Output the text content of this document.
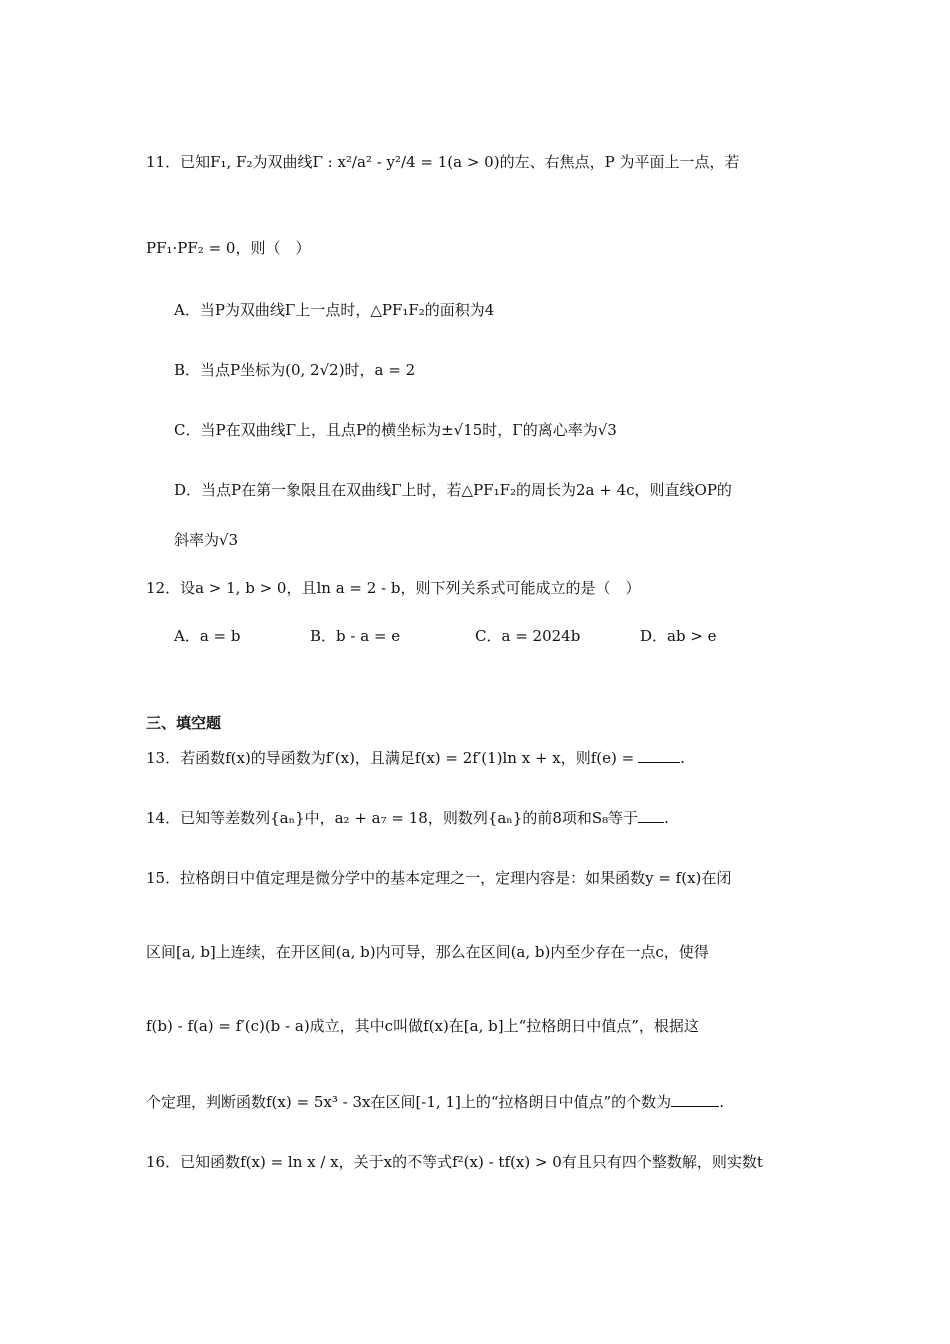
11．已知F₁, F₂为双曲线Γ : x²/a² - y²/4 = 1(a > 0)的左、右焦点，P 为平面上一点，若
PF₁·PF₂ = 0，则（　）
A．当P为双曲线Γ上一点时，△PF₁F₂的面积为4
B．当点P坐标为(0, 2√2)时，a = 2
C．当P在双曲线Γ上，且点P的横坐标为±√15时，Γ的离心率为√3
D．当点P在第一象限且在双曲线Γ上时，若△PF₁F₂的周长为2a + 4c，则直线OP的
斜率为√3
12．设a > 1, b > 0，且ln a = 2 - b，则下列关系式可能成立的是（　）
A．a = b	B．b - a = e	C．a = 2024b	D．ab > e
三、填空题
13．若函数f(x)的导函数为f′(x)，且满足f(x) = 2f′(1)ln x + x，则f(e) =	.
14．已知等差数列{aₙ}中，a₂ + a₇ = 18，则数列{aₙ}的前8项和S₈等于 .
15．拉格朗日中值定理是微分学中的基本定理之一，定理内容是：如果函数y = f(x)在闭
区间[a, b]上连续，在开区间(a, b)内可导，那么在区间(a, b)内至少存在一点c，使得
f(b) - f(a) = f′(c)(b - a)成立，其中c叫做f(x)在[a, b]上“拉格朗日中值点”，根据这
个定理，判断函数f(x) = 5x³ - 3x在区间[-1, 1]上的“拉格朗日中值点”的个数为	.
16．已知函数f(x) = ln x / x，关于x的不等式f²(x) - tf(x) > 0有且只有四个整数解，则实数t
